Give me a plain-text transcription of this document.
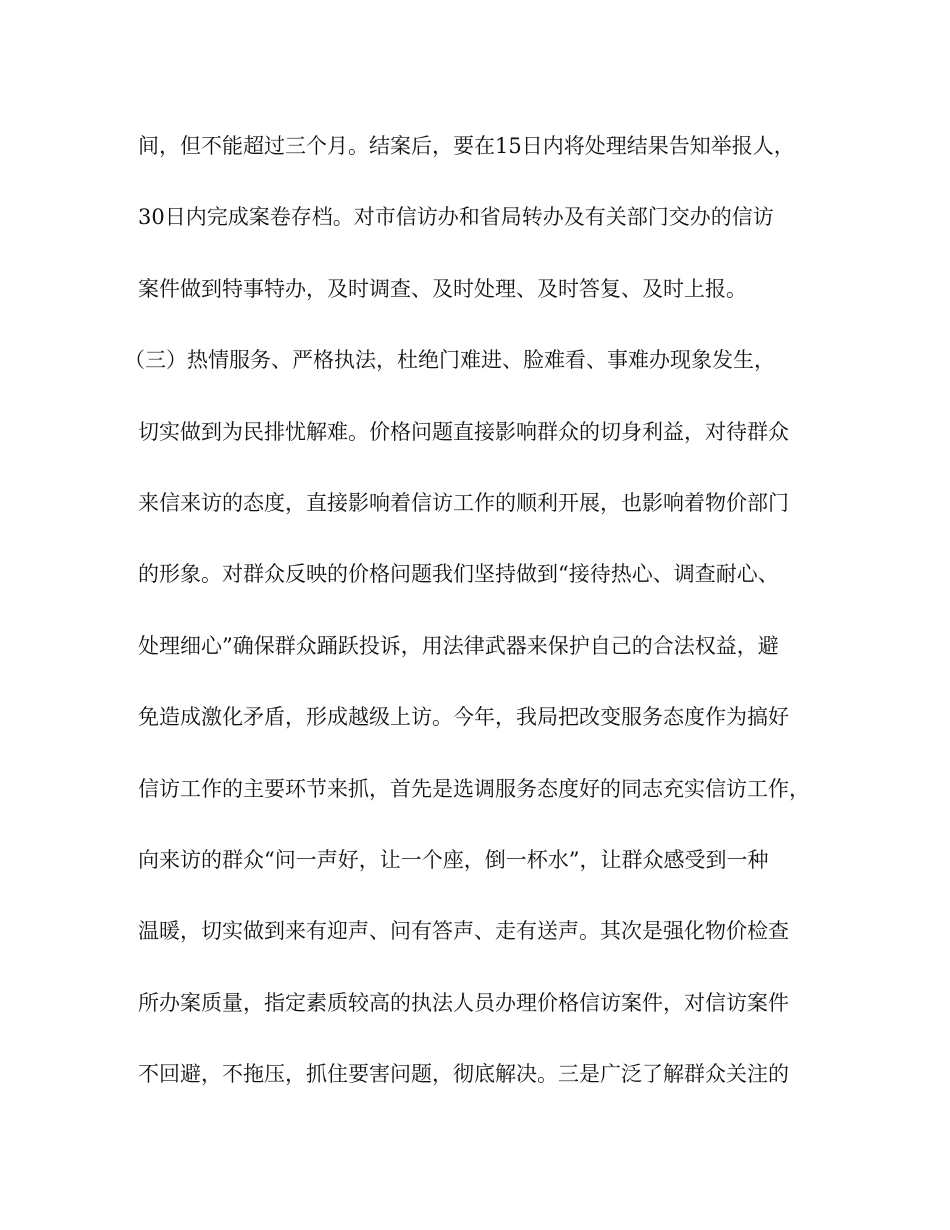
间，但不能超过三个月。结案后，要在15日内将处理结果告知举报人，
30日内完成案卷存档。对市信访办和省局转办及有关部门交办的信访
案件做到特事特办，及时调查、及时处理、及时答复、及时上报。
（三）热情服务、严格执法，杜绝门难进、脸难看、事难办现象发生，
切实做到为民排忧解难。价格问题直接影响群众的切身利益，对待群众
来信来访的态度，直接影响着信访工作的顺利开展，也影响着物价部门
的形象。对群众反映的价格问题我们坚持做到“接待热心、调查耐心、
处理细心”确保群众踊跃投诉，用法律武器来保护自己的合法权益，避
免造成激化矛盾，形成越级上访。今年，我局把改变服务态度作为搞好
信访工作的主要环节来抓，首先是选调服务态度好的同志充实信访工作，
向来访的群众“问一声好，让一个座，倒一杯水”，让群众感受到一种
温暖，切实做到来有迎声、问有答声、走有送声。其次是强化物价检查
所办案质量，指定素质较高的执法人员办理价格信访案件，对信访案件
不回避，不拖压，抓住要害问题，彻底解决。三是广泛了解群众关注的
